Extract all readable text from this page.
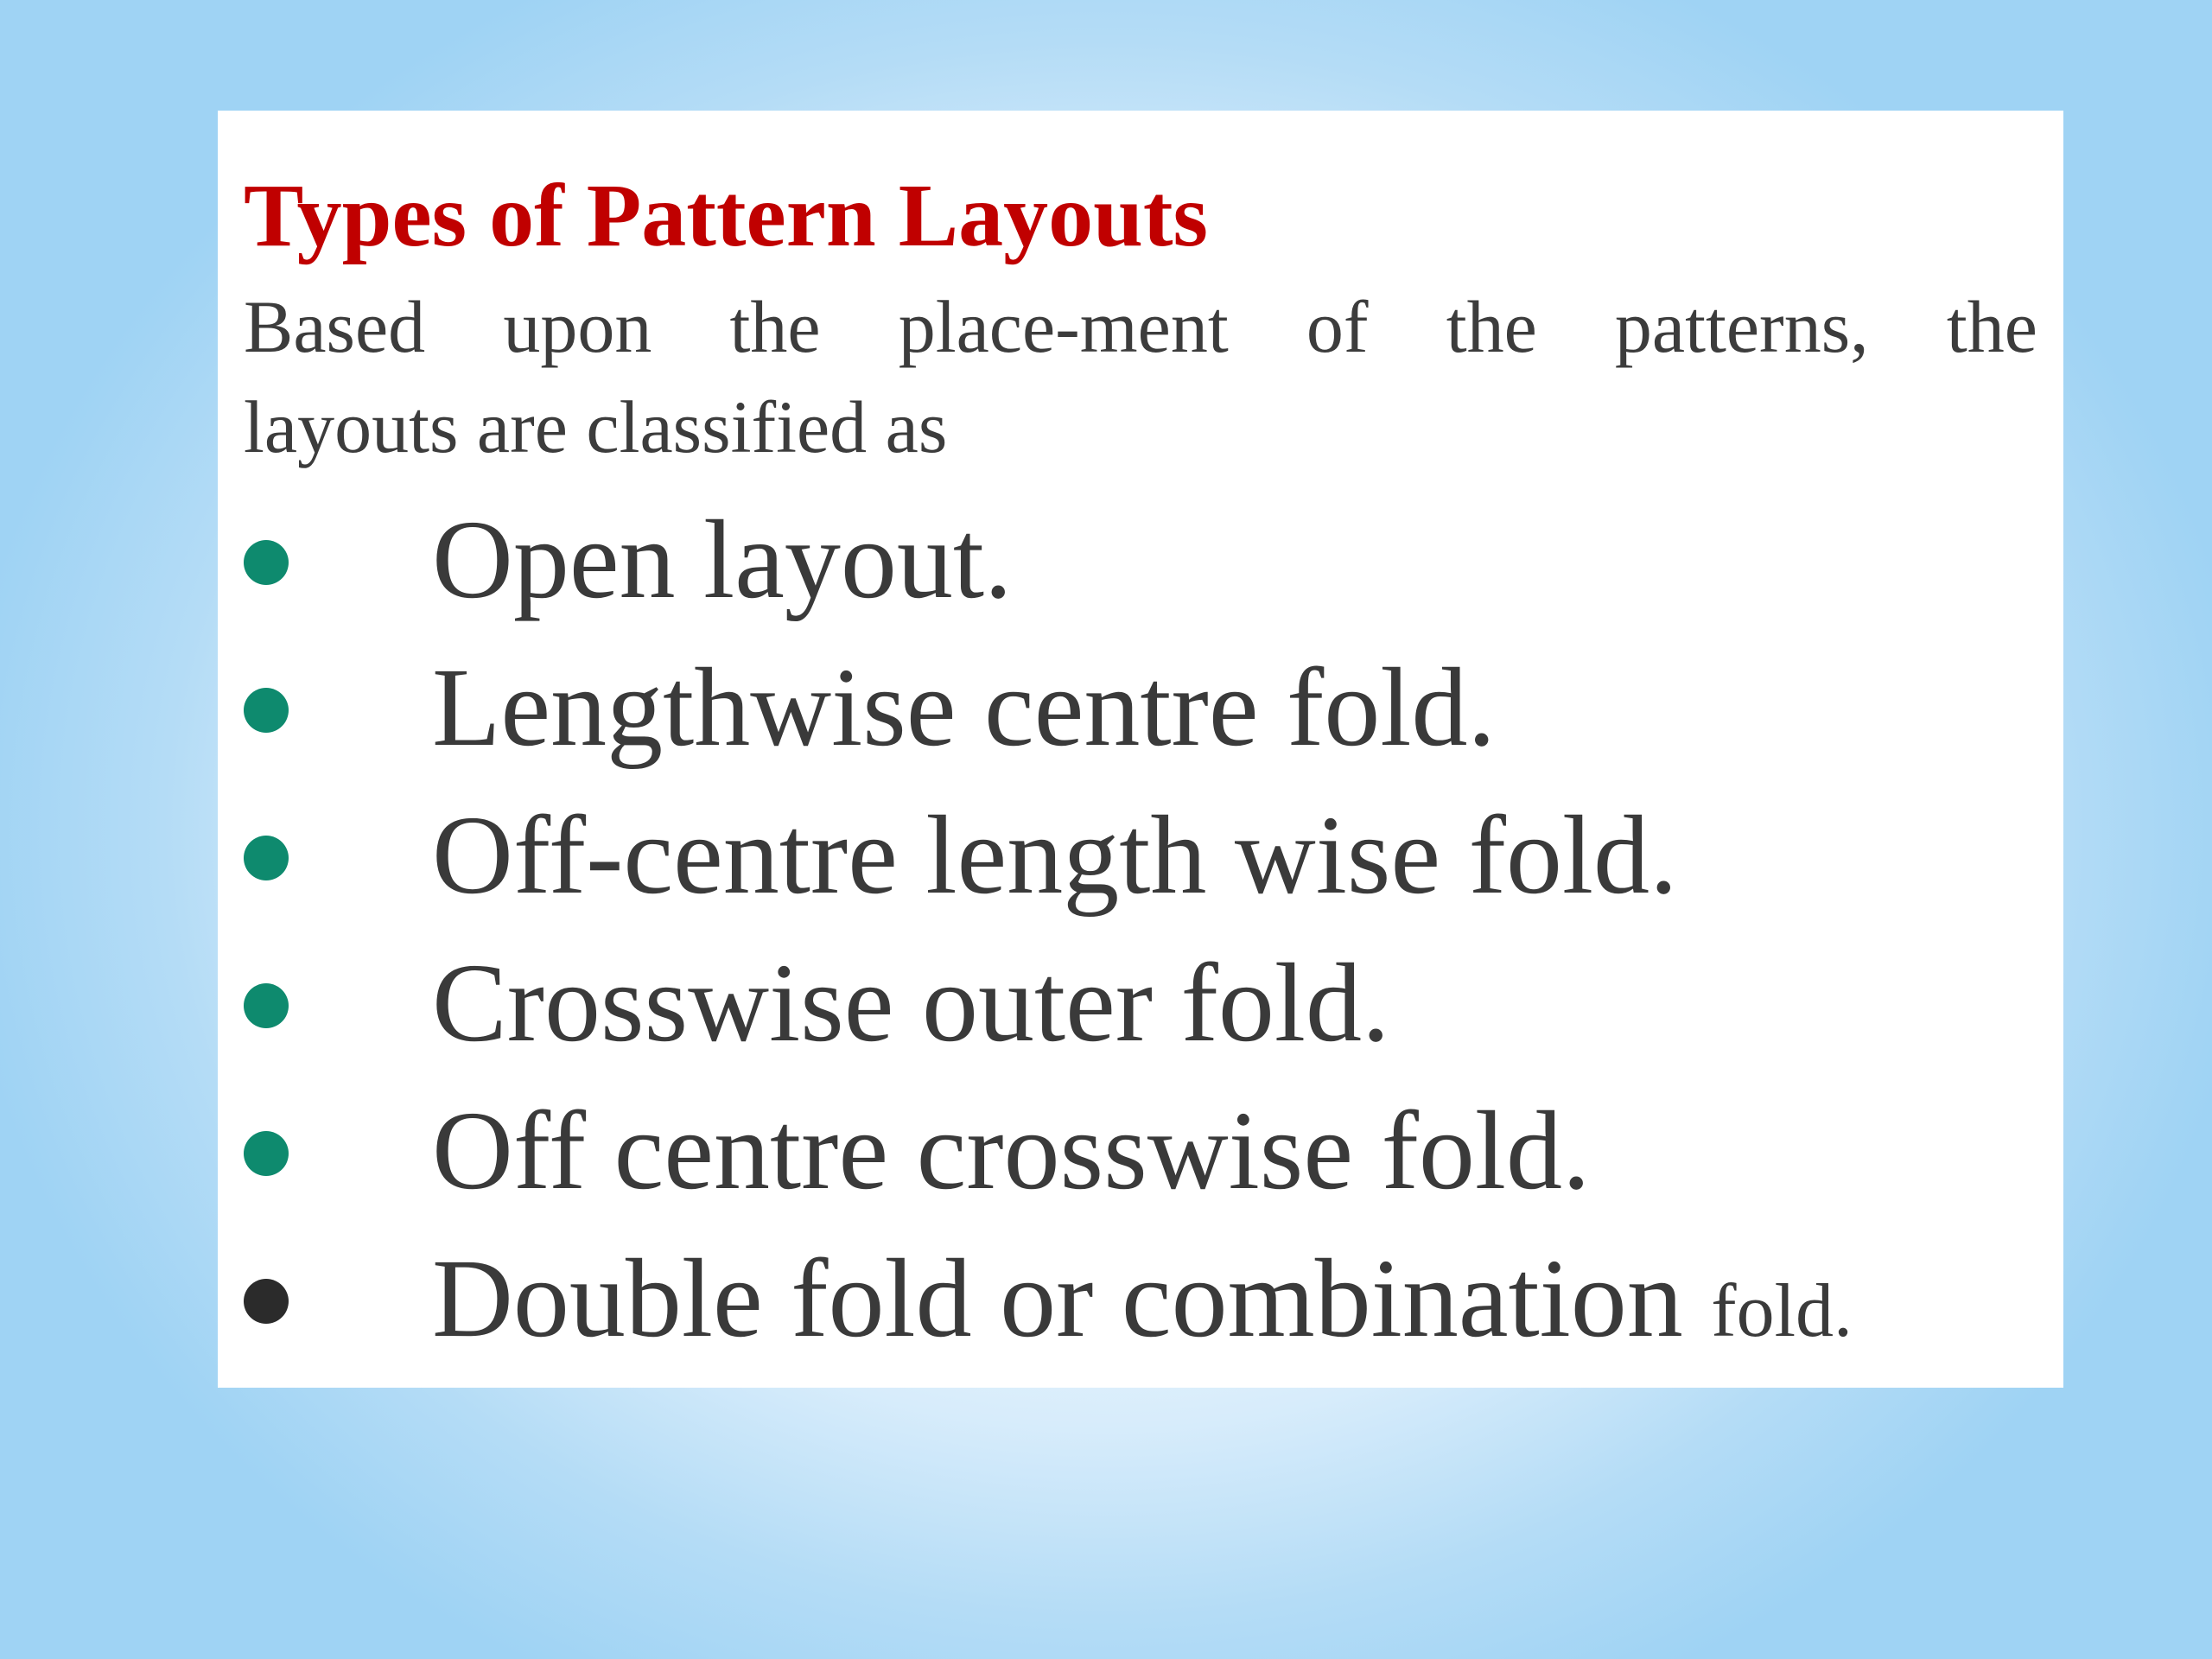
Types of Pattern Layouts
Based upon the place-ment of the patterns, the
layouts are classified as
Open layout.
Lengthwise centre fold.
Off-centre length wise fold.
Crosswise outer fold.
Off centre crosswise fold.
Double fold or combination fold.
